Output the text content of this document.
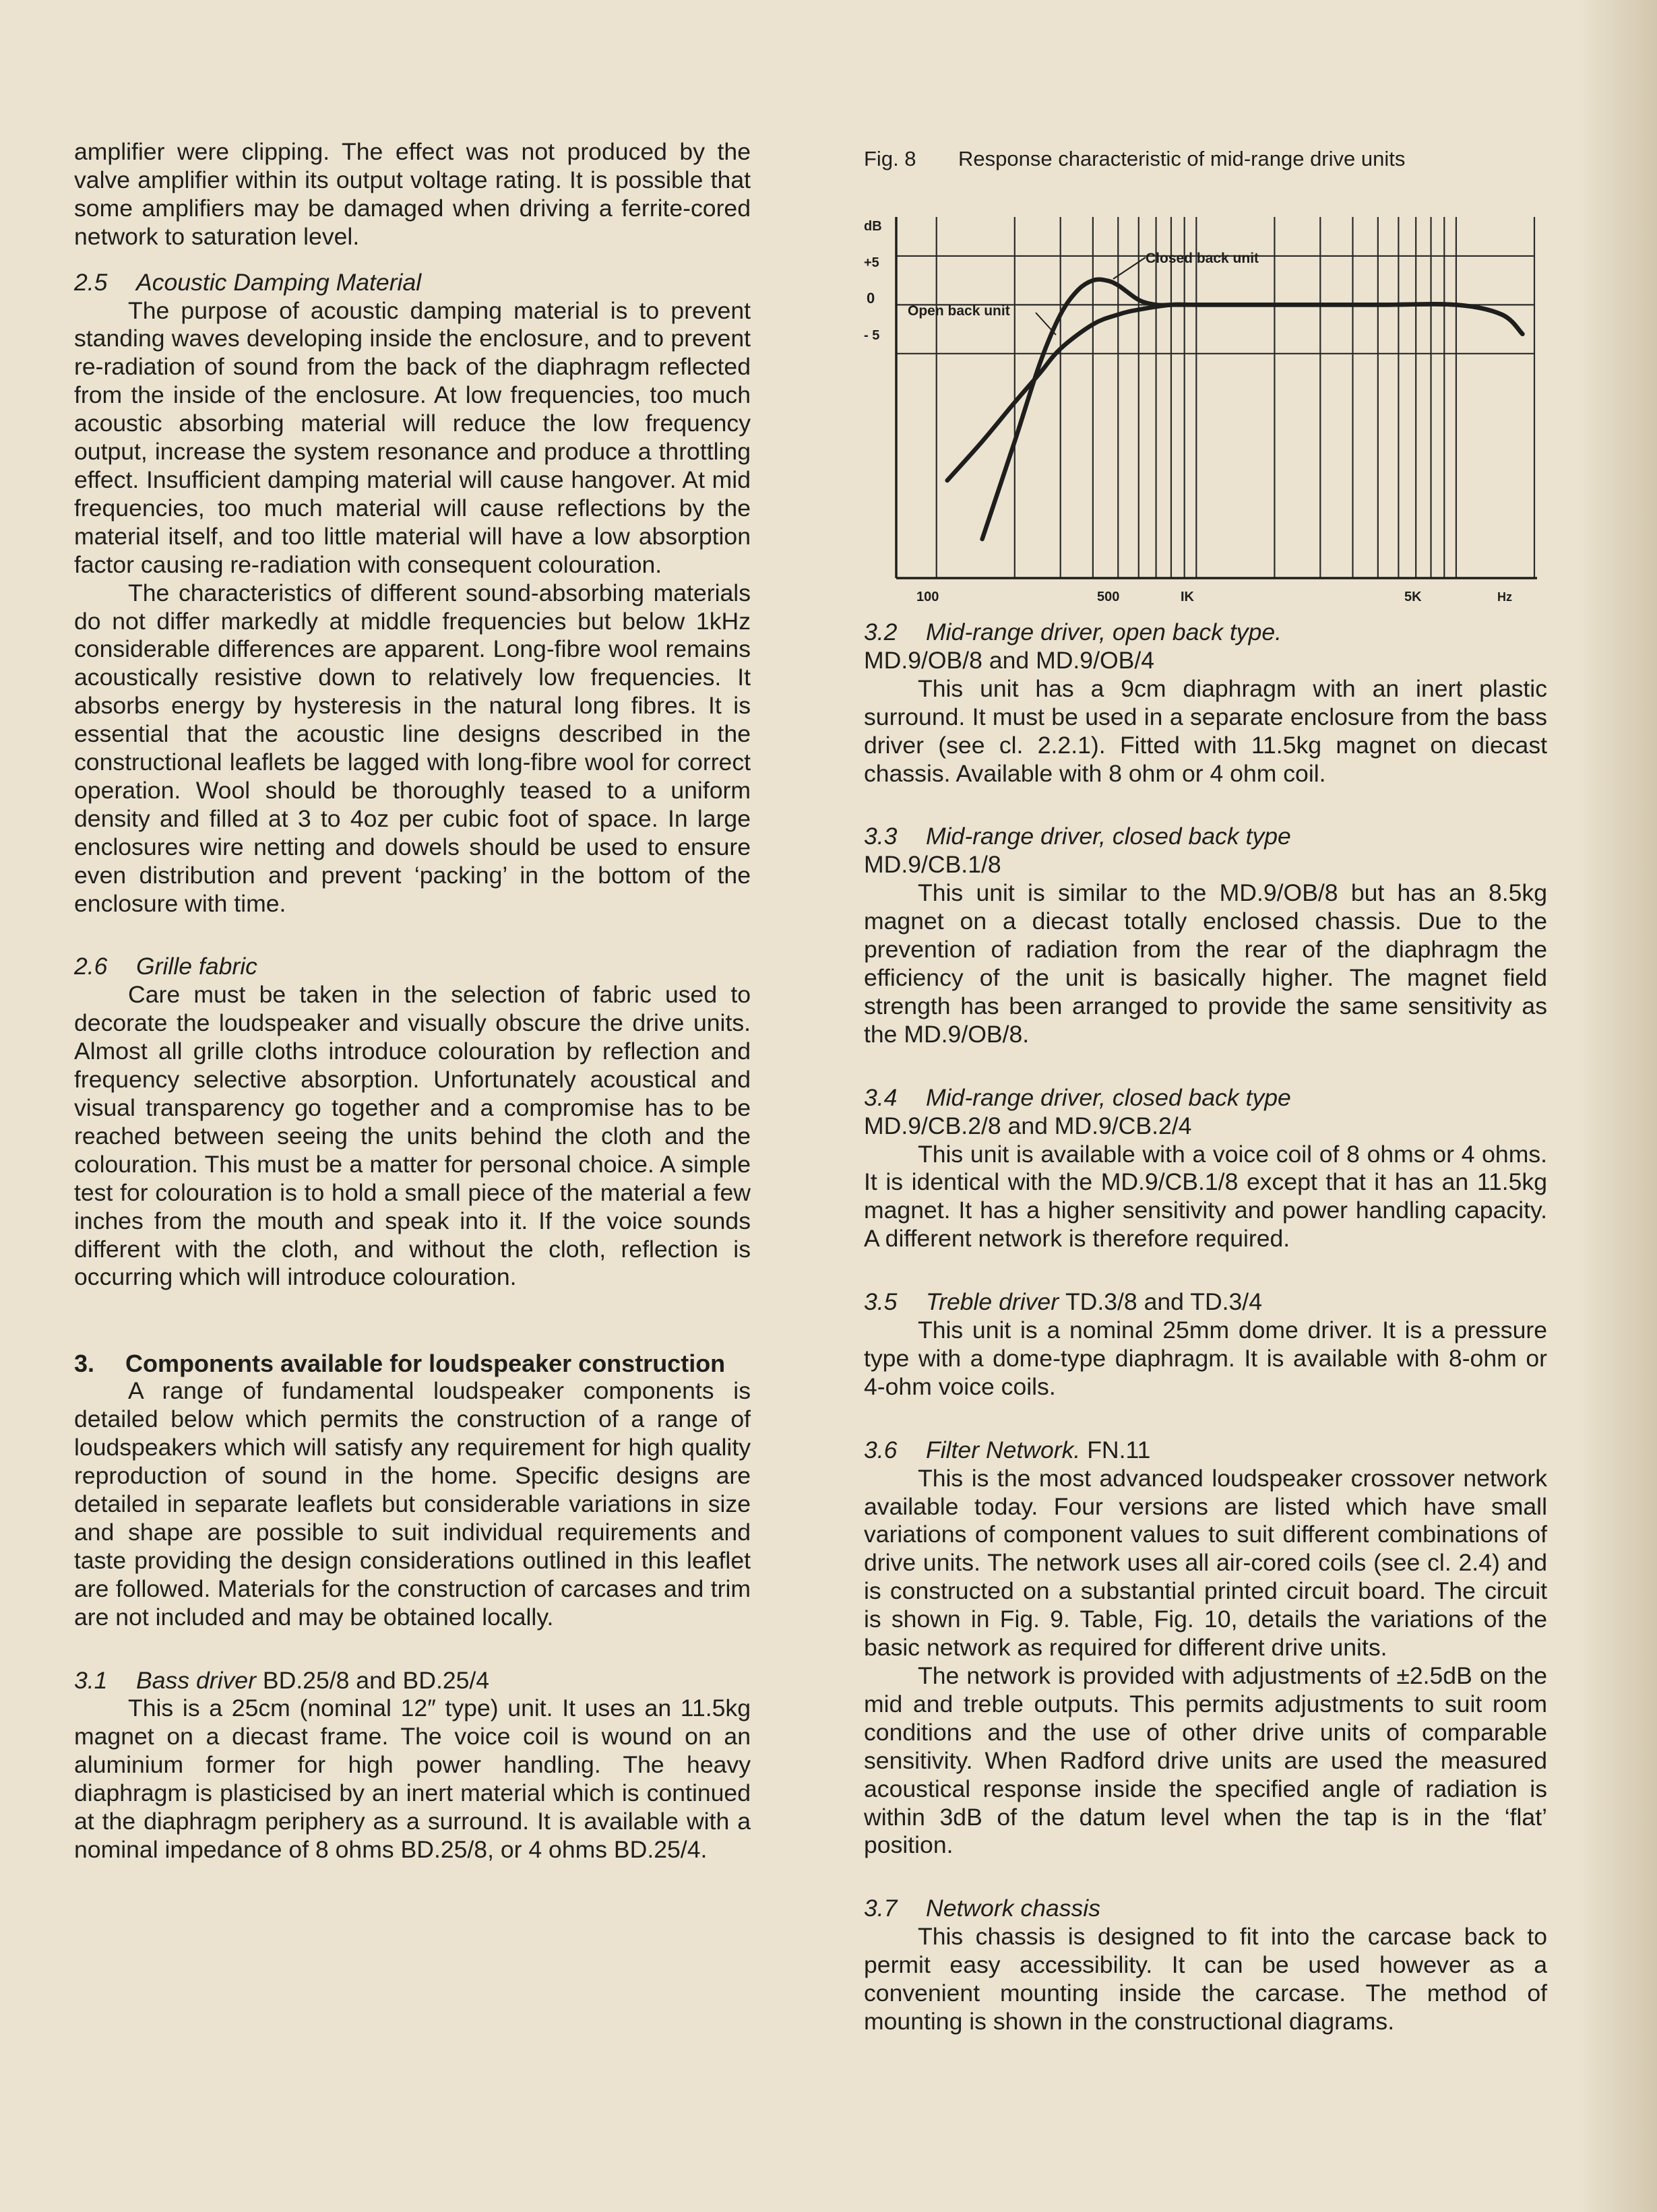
amplifier were clipping. The effect was not produced by the valve amplifier within its output voltage rating. It is possible that some amplifiers may be damaged when driving a ferrite-cored network to saturation level.

2.5 Acoustic Damping Material

The purpose of acoustic damping material is to prevent standing waves developing inside the enclosure, and to prevent re-radiation of sound from the back of the diaphragm reflected from the inside of the enclosure. At low frequencies, too much acoustic absorbing material will reduce the low frequency output, increase the system resonance and produce a throttling effect. Insufficient damping material will cause hangover. At mid frequencies, too much material will cause reflections by the material itself, and too little material will have a low absorption factor causing re-radiation with consequent colouration.

The characteristics of different sound-absorbing materials do not differ markedly at middle frequencies but below 1kHz considerable differences are apparent. Long-fibre wool remains acoustically resistive down to relatively low frequencies. It absorbs energy by hysteresis in the natural long fibres. It is essential that the acoustic line designs described in the constructional leaflets be lagged with long-fibre wool for correct operation. Wool should be thoroughly teased to a uniform density and filled at 3 to 4oz per cubic foot of space. In large enclosures wire netting and dowels should be used to ensure even distribution and prevent ‘packing’ in the bottom of the enclosure with time.

2.6 Grille fabric

Care must be taken in the selection of fabric used to decorate the loudspeaker and visually obscure the drive units. Almost all grille cloths introduce colouration by reflection and frequency selective absorption. Unfortunately acoustical and visual transparency go together and a compromise has to be reached between seeing the units behind the cloth and the colouration. This must be a matter for personal choice. A simple test for colouration is to hold a small piece of the material a few inches from the mouth and speak into it. If the voice sounds different with the cloth, and without the cloth, reflection is occurring which will introduce colouration.

3. Components available for loudspeaker construction

A range of fundamental loudspeaker components is detailed below which permits the construction of a range of loudspeakers which will satisfy any requirement for high quality reproduction of sound in the home. Specific designs are detailed in separate leaflets but considerable variations in size and shape are possible to suit individual requirements and taste providing the design considerations outlined in this leaflet are followed. Materials for the construction of carcases and trim are not included and may be obtained locally.

3.1 Bass driver BD.25/8 and BD.25/4

This is a 25cm (nominal 12″ type) unit. It uses an 11.5kg magnet on a diecast frame. The voice coil is wound on an aluminium former for high power handling. The heavy diaphragm is plasticised by an inert material which is continued at the diaphragm periphery as a surround. It is available with a nominal impedance of 8 ohms BD.25/8, or 4 ohms BD.25/4.

Fig. 8 Response characteristic of mid-range drive units
dB
+5
0
- 5
100	500	IK	5K	Hz
Closed back unit
Open back unit
3.2 Mid-range driver, open back type.
MD.9/OB/8 and MD.9/OB/4

This unit has a 9cm diaphragm with an inert plastic surround. It must be used in a separate enclosure from the bass driver (see cl. 2.2.1). Fitted with 11.5kg magnet on diecast chassis. Available with 8 ohm or 4 ohm coil.

3.3 Mid-range driver, closed back type
MD.9/CB.1/8

This unit is similar to the MD.9/OB/8 but has an 8.5kg magnet on a diecast totally enclosed chassis. Due to the prevention of radiation from the rear of the diaphragm the efficiency of the unit is basically higher. The magnet field strength has been arranged to provide the same sensitivity as the MD.9/OB/8.

3.4 Mid-range driver, closed back type
MD.9/CB.2/8 and MD.9/CB.2/4

This unit is available with a voice coil of 8 ohms or 4 ohms. It is identical with the MD.9/CB.1/8 except that it has an 11.5kg magnet. It has a higher sensitivity and power handling capacity. A different network is therefore required.

3.5 Treble driver TD.3/8 and TD.3/4

This unit is a nominal 25mm dome driver. It is a pressure type with a dome-type diaphragm. It is available with 8-ohm or 4-ohm voice coils.

3.6 Filter Network. FN.11

This is the most advanced loudspeaker crossover network available today. Four versions are listed which have small variations of component values to suit different combinations of drive units. The network uses all air-cored coils (see cl. 2.4) and is constructed on a substantial printed circuit board. The circuit is shown in Fig. 9. Table, Fig. 10, details the variations of the basic network as required for different drive units.

The network is provided with adjustments of ±2.5dB on the mid and treble outputs. This permits adjustments to suit room conditions and the use of other drive units of comparable sensitivity. When Radford drive units are used the measured acoustical response inside the specified angle of radiation is within 3dB of the datum level when the tap is in the ‘flat’ position.

3.7 Network chassis

This chassis is designed to fit into the carcase back to permit easy accessibility. It can be used however as a convenient mounting inside the carcase. The method of mounting is shown in the constructional diagrams.
